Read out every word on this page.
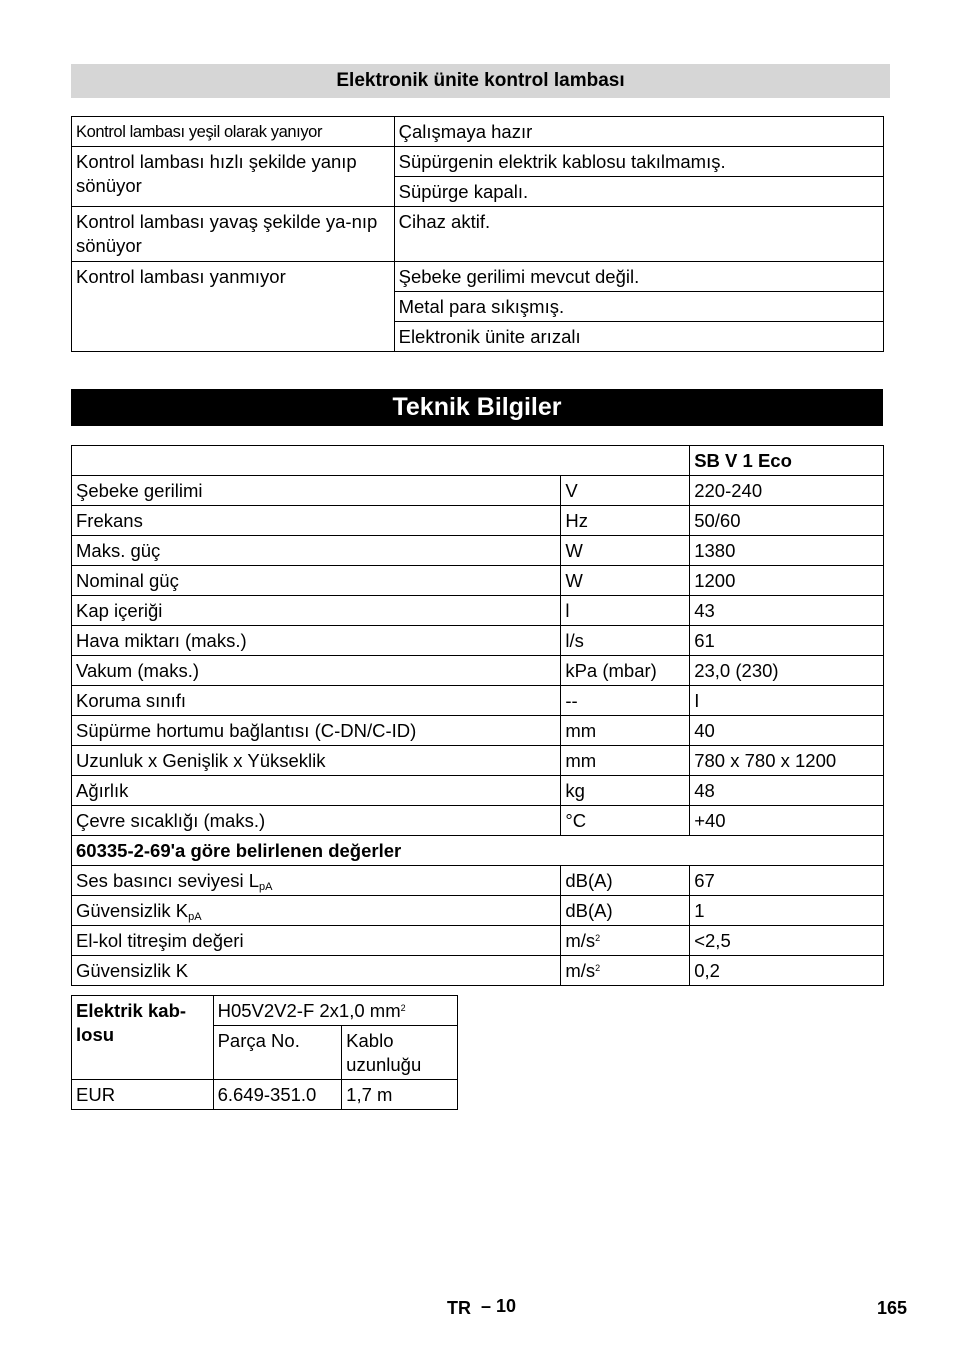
Elektronik ünite kontrol lambası
Kontrol lambası yeşil olarak yanıyor	Çalışmaya hazır
Kontrol lambası hızlı şekilde yanıp sönüyor	Süpürgenin elektrik kablosu takılmamış.
	Süpürge kapalı.
Kontrol lambası yavaş şekilde ya-nıp sönüyor	Cihaz aktif.
Kontrol lambası yanmıyor	Şebeke gerilimi mevcut değil.
	Metal para sıkışmış.
	Elektronik ünite arızalı
Teknik Bilgiler
		SB V 1 Eco
Şebeke gerilimi	V	220-240
Frekans	Hz	50/60
Maks. güç	W	1380
Nominal güç	W	1200
Kap içeriği	l	43
Hava miktarı (maks.)	l/s	61
Vakum (maks.)	kPa (mbar)	23,0 (230)
Koruma sınıfı	--	I
Süpürme hortumu bağlantısı (C-DN/C-ID)	mm	40
Uzunluk x Genişlik x Yükseklik	mm	780 x 780 x 1200
Ağırlık	kg	48
Çevre sıcaklığı (maks.)	°C	+40
60335-2-69'a göre belirlenen değerler		
Ses basıncı seviyesi $L_{pA}$	dB(A)	67
Güvensizlik $K_{pA}$	dB(A)	1
El-kol titreşim değeri	$m/s^2$	<2,5
Güvensizlik K	$m/s^2$	0,2
Elektrik kab-losu	H05V2V2-F 2x1,0 $mm^2$
	Parça No.	Kablo uzunluğu
EUR	6.649-351.0	1,7 m
TR – 10	165
